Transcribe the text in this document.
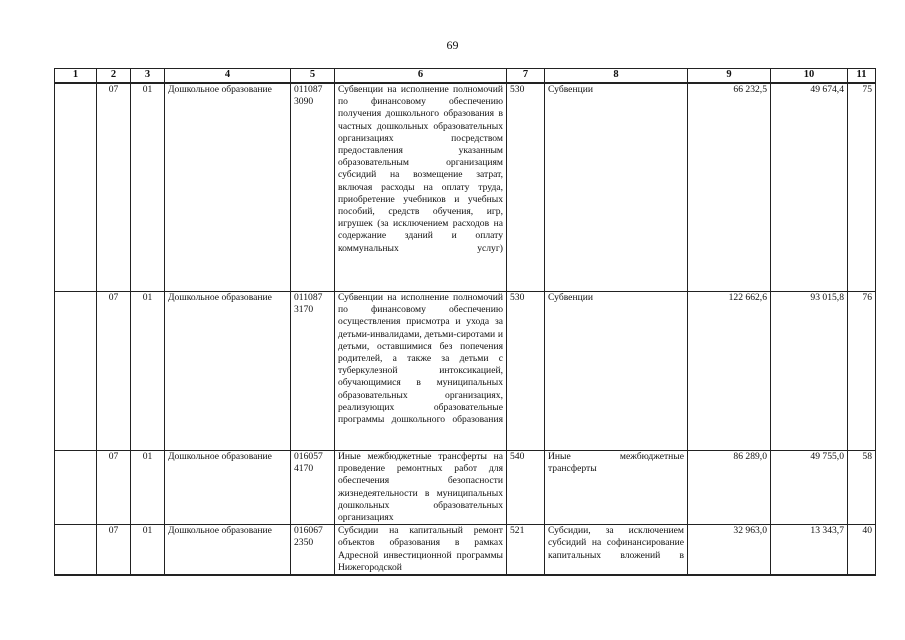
69
1	2	3	4	5	6	7	8	9	10	11
	07	01	Дошкольное образование	011087 3090	Субвенции на исполнение полномочий по финансовому обеспечению получения дошкольного образования в частных дошкольных образовательных организациях посредством предоставления указанным образовательным организациям субсидий на возмещение затрат, включая расходы на оплату труда, приобретение учебников и учебных пособий, средств обучения, игр, игрушек (за исключением расходов на содержание зданий и оплату коммунальных услуг)	530	Субвенции	66 232,5	49 674,4	75
	07	01	Дошкольное образование	011087 3170	Субвенции на исполнение полномочий по финансовому обеспечению осуществления присмотра и ухода за детьми-инвалидами, детьми-сиротами и детьми, оставшимися без попечения родителей, а также за детьми с туберкулезной интоксикацией, обучающимися в муниципальных образовательных организациях, реализующих образовательные программы дошкольного образования	530	Субвенции	122 662,6	93 015,8	76
	07	01	Дошкольное образование	016057 4170	Иные межбюджетные трансферты на проведение ремонтных работ для обеспечения безопасности жизнедеятельности в муниципальных дошкольных образовательных организациях	540	Иные межбюджетные трансферты	86 289,0	49 755,0	58
	07	01	Дошкольное образование	016067 2350	Субсидии на капитальный ремонт объектов образования в рамках Адресной инвестиционной программы Нижегородской	521	Субсидии, за исключением субсидий на софинансирование капитальных вложений в	32 963,0	13 343,7	40
